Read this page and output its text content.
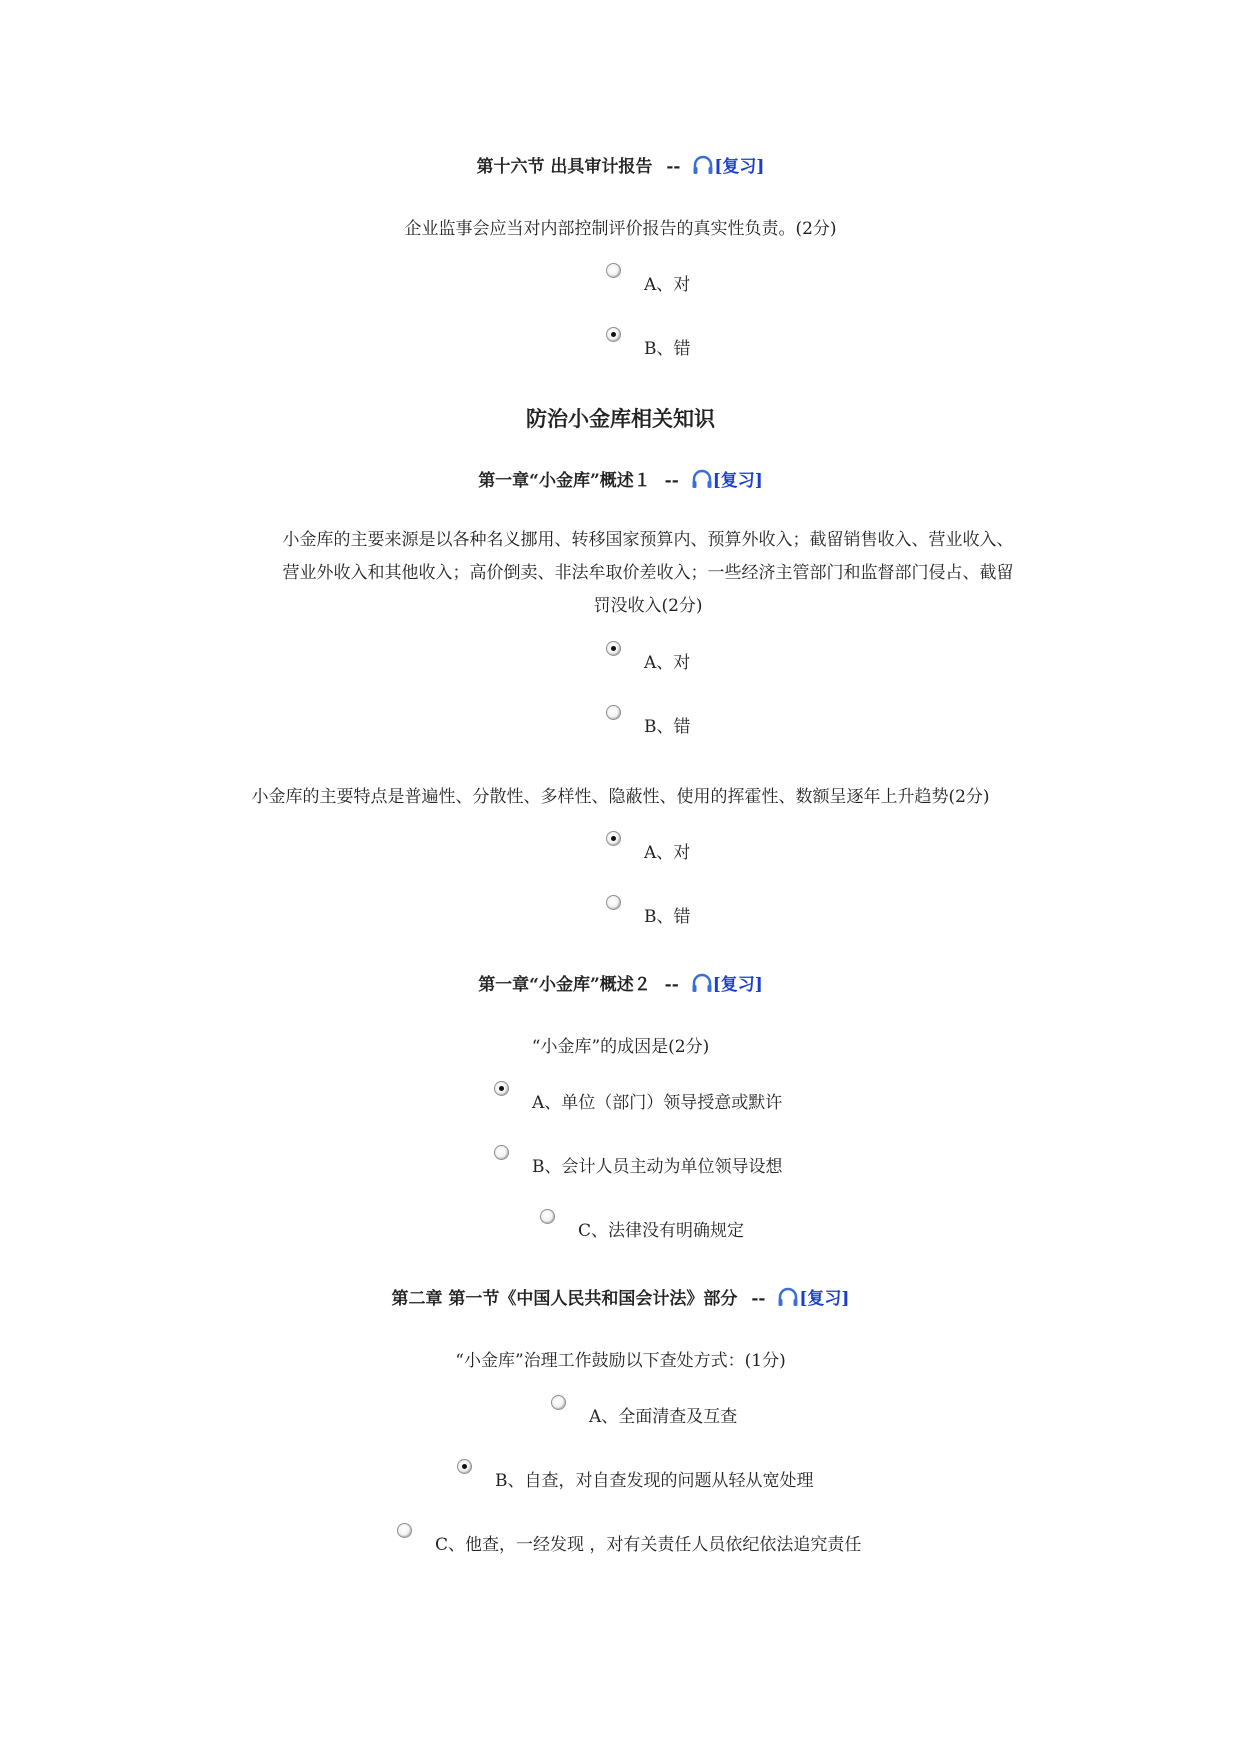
第十六节 出具审计报告 -- [复习]
企业监事会应当对内部控制评价报告的真实性负责。(2分)
A、对
B、错
防治小金库相关知识
第一章“小金库”概述１ -- [复习]
小金库的主要来源是以各种名义挪用、转移国家预算内、预算外收入；截留销售收入、营业收入、
营业外收入和其他收入；高价倒卖、非法牟取价差收入；一些经济主管部门和监督部门侵占、截留
罚没收入(2分)
A、对
B、错
小金库的主要特点是普遍性、分散性、多样性、隐蔽性、使用的挥霍性、数额呈逐年上升趋势(2分)
A、对
B、错
第一章“小金库”概述２ -- [复习]
“小金库”的成因是(2分)
A、单位（部门）领导授意或默许
B、会计人员主动为单位领导设想
C、法律没有明确规定
第二章 第一节《中国人民共和国会计法》部分 -- [复习]
“小金库”治理工作鼓励以下查处方式：(1分)
A、全面清查及互查
B、自查，对自查发现的问题从轻从宽处理
C、他查，一经发现 ，对有关责任人员依纪依法追究责任
